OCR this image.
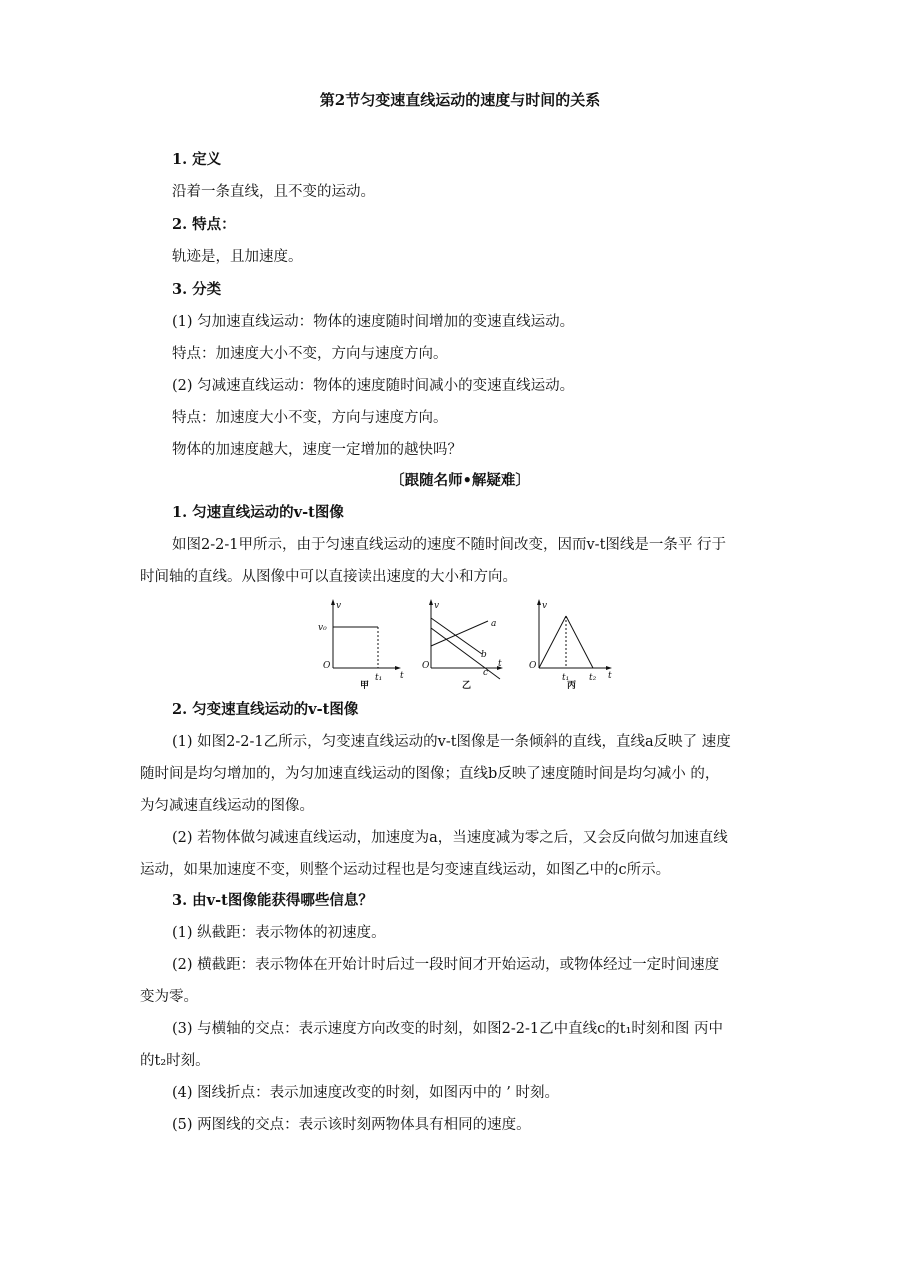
第2节匀变速直线运动的速度与时间的关系
1. 定义
沿着一条直线，且不变的运动。
2. 特点：
轨迹是，且加速度。
3. 分类
(1) 匀加速直线运动：物体的速度随时间增加的变速直线运动。
特点：加速度大小不变，方向与速度方向。
(2) 匀减速直线运动：物体的速度随时间减小的变速直线运动。
特点：加速度大小不变，方向与速度方向。
物体的加速度越大，速度一定增加的越快吗？
〔跟随名师•解疑难〕
1. 匀速直线运动的v-t图像
如图2-2-1甲所示，由于匀速直线运动的速度不随时间改变，因而v-t图线是一条平 行于
时间轴的直线。从图像中可以直接读出速度的大小和方向。
v
v₀
O
t₁ t
v
O
a
b
c
t
v
O
t₁ t₂ t
甲	乙	丙
2. 匀变速直线运动的v-t图像
(1) 如图2-2-1乙所示，匀变速直线运动的v-t图像是一条倾斜的直线，直线a反映了 速度
随时间是均匀增加的，为匀加速直线运动的图像；直线b反映了速度随时间是均匀减小 的，
为匀减速直线运动的图像。
(2) 若物体做匀减速直线运动，加速度为a，当速度减为零之后，又会反向做匀加速直线
运动，如果加速度不变，则整个运动过程也是匀变速直线运动，如图乙中的c所示。
3. 由v-t图像能获得哪些信息？
(1) 纵截距：表示物体的初速度。
(2) 横截距：表示物体在开始计时后过一段时间才开始运动，或物体经过一定时间速度
变为零。
(3) 与横轴的交点：表示速度方向改变的时刻，如图2-2-1乙中直线c的t₁时刻和图 丙中
的t₂时刻。
(4) 图线折点：表示加速度改变的时刻，如图丙中的 ’ 时刻。
(5) 两图线的交点：表示该时刻两物体具有相同的速度。
